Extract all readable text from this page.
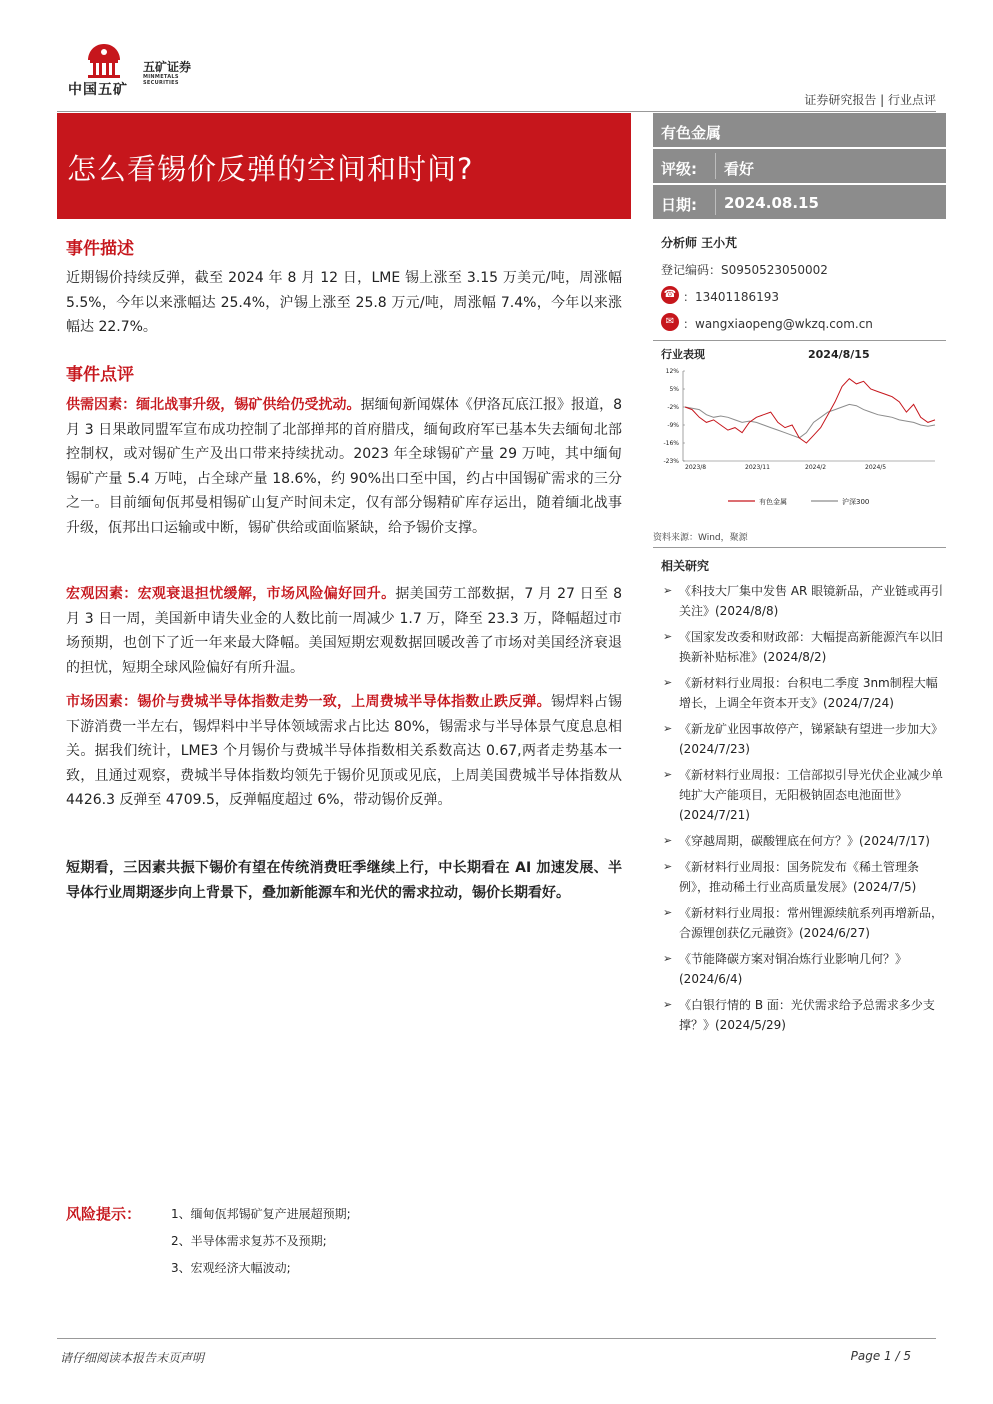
中国五矿
五矿证券
MINMETALS SECURITIES
证券研究报告 | 行业点评
怎么看锡价反弹的空间和时间?
有色金属
评级: 看好
日期: 2024.08.15
事件描述
近期锡价持续反弹，截至 2024 年 8 月 12 日，LME 锡上涨至 3.15 万美元/吨，周涨幅 5.5%，今年以来涨幅达 25.4%，沪锡上涨至 25.8 万元/吨，周涨幅 7.4%，今年以来涨幅达 22.7%。
事件点评
供需因素：缅北战事升级，锡矿供给仍受扰动。据缅甸新闻媒体《伊洛瓦底江报》报道，8 月 3 日果敢同盟军宣布成功控制了北部掸邦的首府腊戌，缅甸政府军已基本失去缅甸北部控制权，或对锡矿生产及出口带来持续扰动。2023 年全球锡矿产量 29 万吨，其中缅甸锡矿产量 5.4 万吨，占全球产量 18.6%，约 90%出口至中国，约占中国锡矿需求的三分之一。目前缅甸佤邦曼相锡矿山复产时间未定，仅有部分锡精矿库存运出，随着缅北战事升级，佤邦出口运输或中断，锡矿供给或面临紧缺，给予锡价支撑。
宏观因素：宏观衰退担忧缓解，市场风险偏好回升。据美国劳工部数据，7 月 27 日至 8 月 3 日一周，美国新申请失业金的人数比前一周减少 1.7 万，降至 23.3 万，降幅超过市场预期，也创下了近一年来最大降幅。美国短期宏观数据回暖改善了市场对美国经济衰退的担忧，短期全球风险偏好有所升温。
市场因素：锡价与费城半导体指数走势一致，上周费城半导体指数止跌反弹。锡焊料占锡下游消费一半左右，锡焊料中半导体领域需求占比达 80%，锡需求与半导体景气度息息相关。据我们统计，LME3 个月锡价与费城半导体指数相关系数高达 0.67,两者走势基本一致，且通过观察，费城半导体指数均领先于锡价见顶或见底，上周美国费城半导体指数从 4426.3 反弹至 4709.5，反弹幅度超过 6%，带动锡价反弹。
短期看，三因素共振下锡价有望在传统消费旺季继续上行，中长期看在 AI 加速发展、半导体行业周期逐步向上背景下，叠加新能源车和光伏的需求拉动，锡价长期看好。
分析师 王小芃
登记编码：S0950523050002
☎ ：13401186193
✉ ：wangxiaopeng@wkzq.com.cn
行业表现	2024/8/15
12%
5%
-2%
-9%
-16%
-23%
2023/8	2023/11	2024/2	2024/5
有色金属	沪深300
资料来源：Wind，聚源
相关研究
➢ 《科技大厂集中发售 AR 眼镜新品，产业链或再引关注》(2024/8/8)
➢ 《国家发改委和财政部：大幅提高新能源汽车以旧换新补贴标准》(2024/8/2)
➢ 《新材料行业周报：台积电二季度 3nm制程大幅增长，上调全年资本开支》(2024/7/24)
➢ 《新龙矿业因事故停产，锑紧缺有望进一步加大》(2024/7/23)
➢ 《新材料行业周报：工信部拟引导光伏企业减少单纯扩大产能项目，无阳极钠固态电池面世》(2024/7/21)
➢ 《穿越周期，碳酸锂底在何方？》(2024/7/17)
➢ 《新材料行业周报：国务院发布《稀土管理条例》，推动稀土行业高质量发展》(2024/7/5)
➢ 《新材料行业周报：常州锂源续航系列再增新品，合源锂创获亿元融资》(2024/6/27)
➢ 《节能降碳方案对铜冶炼行业影响几何？》(2024/6/4)
➢ 《白银行情的 B 面：光伏需求给予总需求多少支撑？》(2024/5/29)
风险提示： 1、缅甸佤邦锡矿复产进展超预期;
2、半导体需求复苏不及预期;
3、宏观经济大幅波动;
请仔细阅读本报告末页声明	Page 1 / 5
